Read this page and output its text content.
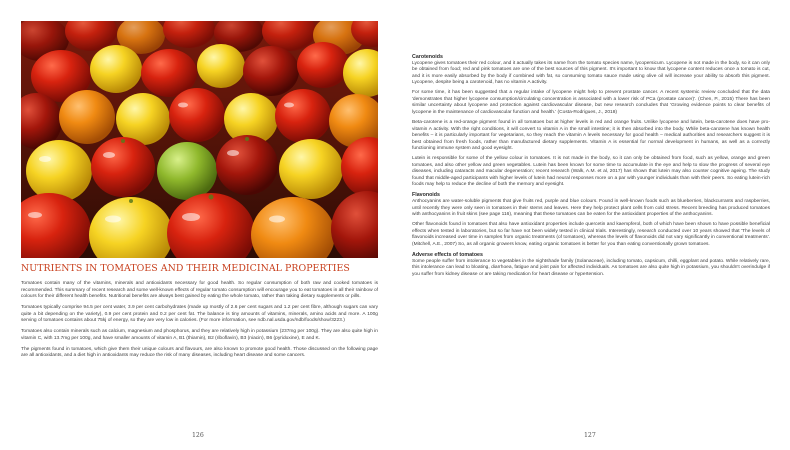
NUTRIENTS IN TOMATOES AND THEIR MEDICINAL PROPERTIES

Tomatoes contain many of the vitamins, minerals and antioxidants necessary for good health. So regular consumption of both raw and cooked tomatoes is recommended. This summary of recent research and some well-known effects of regular tomato consumption will encourage you to eat tomatoes in all their rainbow of colours for their different health benefits. Nutritional benefits are always best gained by eating the whole tomato, rather than taking dietary supplements or pills.

Tomatoes typically comprise 94.5 per cent water, 3.9 per cent carbohydrates (made up mostly of 2.6 per cent sugars and 1.2 per cent fibre, although sugars can vary quite a bit depending on the variety), 0.9 per cent protein and 0.2 per cent fat. The balance is tiny amounts of vitamins, minerals, amino acids and more. A 100g serving of tomatoes contains about 75kj of energy, so they are very low in calories. (For more information, see ndb.nal.usda.gov/ndb/foods/show/3223.)

Tomatoes also contain minerals such as calcium, magnesium and phosphorus, and they are relatively high in potassium (237mg per 100g). They are also quite high in vitamin C, with 13.7mg per 100g, and have smaller amounts of vitamin A, B1 (thiamin), B2 (riboflavin), B3 (niacin), B6 (pyridoxine), E and K.

The pigments found in tomatoes, which give them their unique colours and flavours, are also known to promote good health. Those discussed on the following page are all antioxidants, and a diet high in antioxidants may reduce the risk of many diseases, including heart disease and some cancers.

126
Carotenoids

Lycopene gives tomatoes their red colour, and it actually takes its name from the tomato species name, lycopersicum. Lycopene is not made in the body, so it can only be obtained from food; red and pink tomatoes are one of the best sources of this pigment. It's important to know that lycopene content reduces once a tomato is cut, and it is more easily absorbed by the body if combined with fat, so consuming tomato sauce made using olive oil will increase your ability to absorb this pigment. Lycopene, despite being a carotenoid, has no vitamin A activity.

For some time, it has been suggested that a regular intake of lycopene might help to prevent prostate cancer. A recent systemic review concluded that the data 'demonstrates that higher lycopene consumption/circulating concentration is associated with a lower risk of PCa (prostate cancer)'. (Chen, P., 2015) There has been similar uncertainty about lycopene and protection against cardiovascular disease, but new research concludes that 'Growing evidence points to clear benefits of lycopene in the maintenance of cardiovascular function and health.' (Costa-Rodrigues, J., 2018)

Beta-carotene is a red-orange pigment found in all tomatoes but at higher levels in red and orange fruits. Unlike lycopene and lutein, beta-carotene does have pro-vitamin A activity. With the right conditions, it will convert to vitamin A in the small intestine; it is then absorbed into the body. While beta-carotene has known health benefits – it is particularly important for vegetarians, so they reach the vitamin A levels necessary for good health – medical authorities and researchers suggest it is best obtained from fresh foods, rather than manufactured dietary supplements. Vitamin A is essential for normal development in humans, as well as a correctly functioning immune system and good eyesight.

Lutein is responsible for some of the yellow colour in tomatoes. It is not made in the body, so it can only be obtained from food, such as yellow, orange and green tomatoes, and also other yellow and green vegetables. Lutein has been known for some time to accumulate in the eye and help to slow the progress of several eye diseases, including cataracts and macular degeneration; recent research (Walk, A.M. et al, 2017) has shown that lutein may also counter cognitive ageing. The study found that middle-aged participants with higher levels of lutein had neural responses more on a par with younger individuals than with their peers. So eating lutein-rich foods may help to reduce the decline of both the memory and eyesight.

Flavonoids

Anthocyanins are water-soluble pigments that give fruits red, purple and blue colours. Found in well-known foods such as blueberries, blackcurrants and raspberries, until recently they were only seen in tomatoes in their stems and leaves. Here they help protect plant cells from cold stress. Recent breeding has produced tomatoes with anthocyanins in fruit skins (see page 116), meaning that these tomatoes can be eaten for the antioxidant properties of the anthocyanins.

Other flavonoids found in tomatoes that also have antioxidant properties include quercetin and kaempferol, both of which have been shown to have possible beneficial effects when tested in laboratories, but so far have not been widely tested in clinical trials. Interestingly, research conducted over 10 years showed that 'The levels of flavonoids increased over time in samples from organic treatments (of tomatoes), whereas the levels of flavonoids did not vary significantly in conventional treatments'. (Mitchell, A.E., 2007) So, as all organic growers know, eating organic tomatoes is better for you than eating conventionally grown tomatoes.

Adverse effects of tomatoes

Some people suffer from intolerance to vegetables in the nightshade family (Solanaceae), including tomato, capsicum, chilli, eggplant and potato. While relatively rare, this intolerance can lead to bloating, diarrhoea, fatigue and joint pain for affected individuals. As tomatoes are also quite high in potassium, you shouldn't overindulge if you suffer from kidney disease or are taking medication for heart disease or hypertension.

127
